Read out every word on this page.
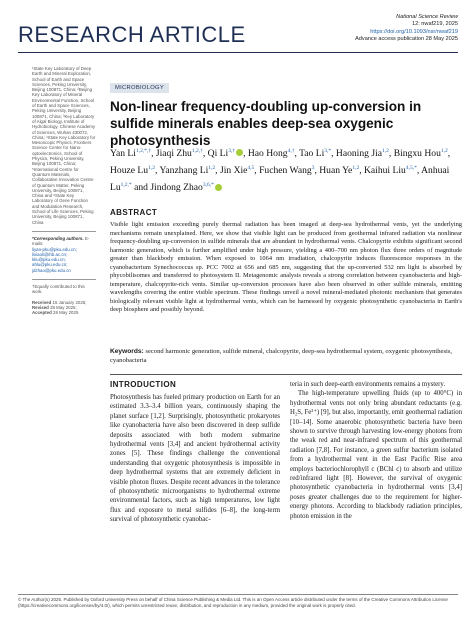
RESEARCH ARTICLE
National Science Review
12: nwaf219, 2025
https://doi.org/10.1093/nsr/nwaf219
Advance access publication 28 May 2025
¹State Key Laboratory of Deep Earth and Mineral Exploration, School of Earth and Space Sciences, Peking University, Beijing 100871, China; ²Beijing Key Laboratory of Mineral Environmental Function, School of Earth and Space Sciences, Peking University, Beijing 100871, China; ³Key Laboratory of Algal Biology, Institute of Hydrobiology, Chinese Academy of Sciences, Wuhan 430072, China; ⁴State Key Laboratory for Mesoscopic Physics, Frontiers Science Center for Nano-optoelectronics, School of Physics, Peking University, Beijing 100871, China; ⁵International Centre for Quantum Materials, Collaborative Innovation Centre of Quantum Matter, Peking University, Beijing 100871, China and ⁶State Key Laboratory of Gene Function and Modulation Research, School of Life Sciences, Peking University, Beijing 100871, China
*Corresponding authors. E-mails:
liyan-pku@pku.edu.cn;
lixiaoli@ihb.ac.cn;
kliu@pku.edu.cn;
ahlu@pku.edu.cn;
jdzhao@pku.edu.cn
†Equally contributed to this work.
Received 15 January 2025; Revised 28 May 2025; Accepted 28 May 2025
MICROBIOLOGY
Non-linear frequency-doubling up-conversion in sulfide minerals enables deep-sea oxygenic photosynthesis
Yan $Li^{1,2,*,\dagger}$, Jiaqi Zhu$^{1,2,\dagger}$, Qi $Li^{3,\dagger}$ , Hao Hong$^{4,\dagger}$, Tao $Li^{3,*}$, Haoning Jia$^{1,2}$, Bingxu Hou$^{1,2}$, Houze Lu$^{1,2}$, Yanzhang Li$^{1,2}$, Jin Xie$^{4,5}$, Fuchen Wang$^3$, Huan Ye$^{1,2}$, Kaihui Liu$^{4,5,*}$, Anhuai $Lu^{1,2,*}$ and Jindong Zhao$^{3,6,*}$
ABSTRACT
Visible light emission exceeding purely thermal radiation has been imaged at deep-sea hydrothermal vents, yet the underlying mechanisms remain unexplained. Here, we show that visible light can be produced from geothermal infrared radiation via nonlinear frequency-doubling up-conversion in sulfide minerals that are abundant in hydrothermal vents. Chalcopyrite exhibits significant second harmonic generation, which is further amplified under high pressure, yielding a 400–700 nm photon flux three orders of magnitude greater than blackbody emission. When exposed to 1064 nm irradiation, chalcopyrite induces fluorescence responses in the cyanobacterium Synechococcus sp. PCC 7002 at 656 and 685 nm, suggesting that the up-converted 532 nm light is absorbed by phycobilisomes and transferred to photosystem II. Metagenomic analysis reveals a strong correlation between cyanobacteria and high-temperature, chalcopyrite-rich vents. Similar up-conversion processes have also been observed in other sulfide minerals, emitting wavelengths covering the entire visible spectrum. These findings unveil a novel mineral-mediated photonic mechanism that generates biologically relevant visible light at hydrothermal vents, which can be harnessed by oxygenic photosynthetic cyanobacteria in Earth's deep biosphere and possibly beyond.
Keywords: second harmonic generation, sulfide mineral, chalcopyrite, deep-sea hydrothermal system, oxygenic photosynthesis, cyanobacteria
INTRODUCTION

Photosynthesis has fueled primary production on Earth for an estimated 3.3–3.4 billion years, continuously shaping the planet surface [1,2]. Surprisingly, photosynthetic prokaryotes like cyanobacteria have also been discovered in deep sulfide deposits associated with both modern submarine hydrothermal vents [3,4] and ancient hydrothermal activity zones [5]. These findings challenge the conventional understanding that oxygenic photosynthesis is impossible in deep hydrothermal systems that are extremely deficient in visible photon fluxes. Despite recent advances in the tolerance of photosynthetic microorganisms to hydrothermal extreme environmental factors, such as high temperatures, low light flux and exposure to metal sulfides [6–8], the long-term survival of photosynthetic cyanobac-

teria in such deep-earth environments remains a mystery.

The high-temperature upwelling fluids (up to 400°C) in hydrothermal vents not only bring abundant reductants (e.g. H₂S, Fe²⁺) [9], but also, importantly, emit geothermal radiation [10–14]. Some anaerobic photosynthetic bacteria have been shown to survive through harvesting low-energy photons from the weak red and near-infrared spectrum of this geothermal radiation [7,8]. For instance, a green sulfur bacterium isolated from a hydrothermal vent in the East Pacific Rise area employs bacteriochlorophyll c (BChl c) to absorb and utilize red/infrared light [8]. However, the survival of oxygenic photosynthetic cyanobacteria in hydrothermal vents [3,4] poses greater challenges due to the requirement for higher-energy photons. According to blackbody radiation principles, photon emission in the

© The Author(s) 2025. Published by Oxford University Press on behalf of China Science Publishing & Media Ltd. This is an Open Access article distributed under the terms of the Creative Commons Attribution License (https://creativecommons.org/licenses/by/4.0/), which permits unrestricted reuse, distribution, and reproduction in any medium, provided the original work is properly cited.
